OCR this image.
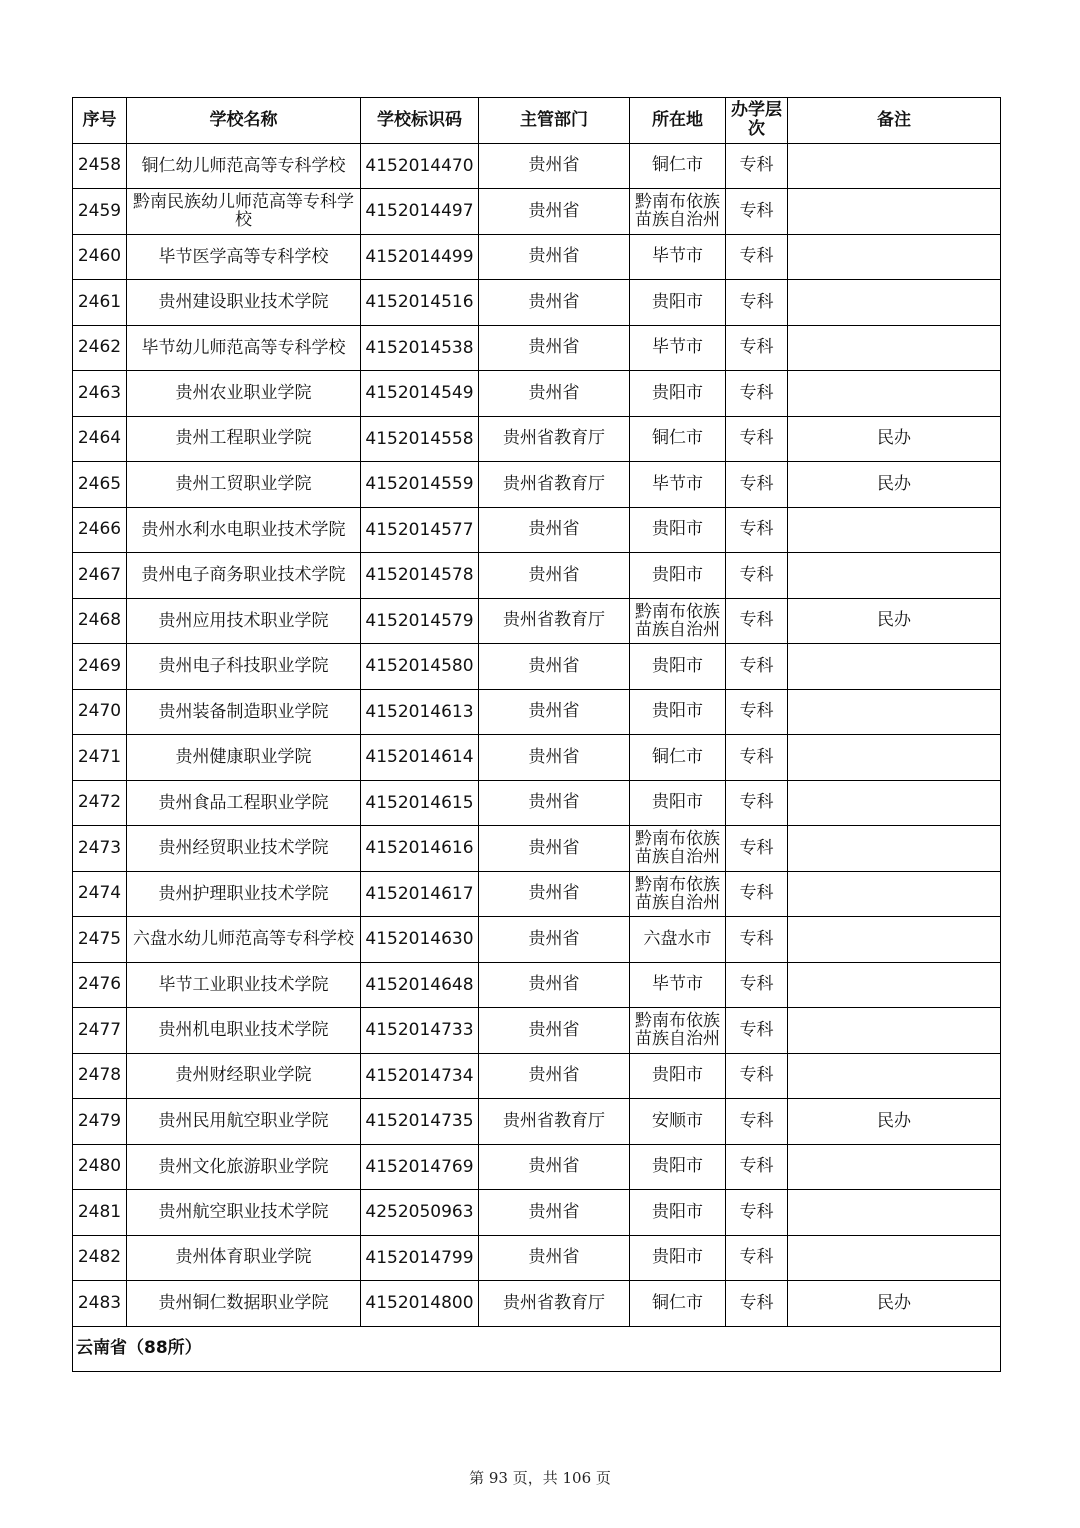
序号	学校名称	学校标识码	主管部门	所在地	办学层次	备注
2458	铜仁幼儿师范高等专科学校	4152014470	贵州省	铜仁市	专科	
2459	黔南民族幼儿师范高等专科学校	4152014497	贵州省	黔南布依族苗族自治州	专科	
2460	毕节医学高等专科学校	4152014499	贵州省	毕节市	专科	
2461	贵州建设职业技术学院	4152014516	贵州省	贵阳市	专科	
2462	毕节幼儿师范高等专科学校	4152014538	贵州省	毕节市	专科	
2463	贵州农业职业学院	4152014549	贵州省	贵阳市	专科	
2464	贵州工程职业学院	4152014558	贵州省教育厅	铜仁市	专科	民办
2465	贵州工贸职业学院	4152014559	贵州省教育厅	毕节市	专科	民办
2466	贵州水利水电职业技术学院	4152014577	贵州省	贵阳市	专科	
2467	贵州电子商务职业技术学院	4152014578	贵州省	贵阳市	专科	
2468	贵州应用技术职业学院	4152014579	贵州省教育厅	黔南布依族苗族自治州	专科	民办
2469	贵州电子科技职业学院	4152014580	贵州省	贵阳市	专科	
2470	贵州装备制造职业学院	4152014613	贵州省	贵阳市	专科	
2471	贵州健康职业学院	4152014614	贵州省	铜仁市	专科	
2472	贵州食品工程职业学院	4152014615	贵州省	贵阳市	专科	
2473	贵州经贸职业技术学院	4152014616	贵州省	黔南布依族苗族自治州	专科	
2474	贵州护理职业技术学院	4152014617	贵州省	黔南布依族苗族自治州	专科	
2475	六盘水幼儿师范高等专科学校	4152014630	贵州省	六盘水市	专科	
2476	毕节工业职业技术学院	4152014648	贵州省	毕节市	专科	
2477	贵州机电职业技术学院	4152014733	贵州省	黔南布依族苗族自治州	专科	
2478	贵州财经职业学院	4152014734	贵州省	贵阳市	专科	
2479	贵州民用航空职业学院	4152014735	贵州省教育厅	安顺市	专科	民办
2480	贵州文化旅游职业学院	4152014769	贵州省	贵阳市	专科	
2481	贵州航空职业技术学院	4252050963	贵州省	贵阳市	专科	
2482	贵州体育职业学院	4152014799	贵州省	贵阳市	专科	
2483	贵州铜仁数据职业学院	4152014800	贵州省教育厅	铜仁市	专科	民办
云南省（88所）						
第 93 页，共 106 页
